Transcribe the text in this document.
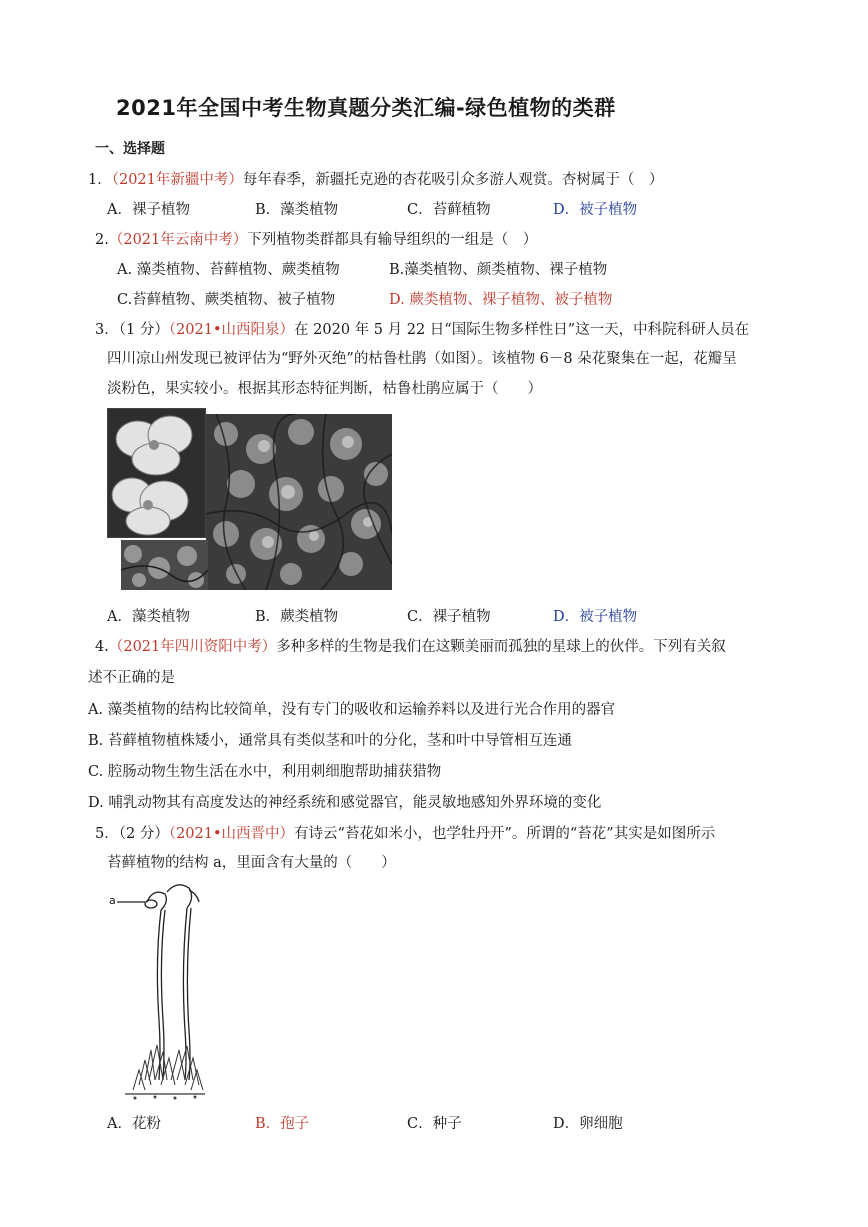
2021年全国中考生物真题分类汇编-绿色植物的类群
一、选择题
1．（2021年新疆中考）每年春季，新疆托克逊的杏花吸引众多游人观赏。杏树属于（　）
A．裸子植物	B．藻类植物	C．苔藓植物	D．被子植物
2.（2021年云南中考）下列植物类群都具有输导组织的一组是（　）
A. 藻类植物、苔藓植物、蕨类植物	B.藻类植物、颜类植物、裸子植物
C.苔藓植物、蕨类植物、被子植物	D. 蕨类植物、裸子植物、被子植物
3．（1 分）（2021•山西阳泉）在 2020 年 5 月 22 日“国际生物多样性日”这一天，中科院科研人员在
四川凉山州发现已被评估为“野外灭绝”的枯鲁杜鹃（如图）。该植物 6－8 朵花聚集在一起，花瓣呈
淡粉色，果实较小。根据其形态特征判断，枯鲁杜鹃应属于（　　）
A．藻类植物	B．蕨类植物	C．裸子植物	D．被子植物
4.（2021年四川资阳中考）多种多样的生物是我们在这颗美丽而孤独的星球上的伙伴。下列有关叙
述不正确的是
A. 藻类植物的结构比较简单，没有专门的吸收和运输养料以及进行光合作用的器官
B. 苔藓植物植株矮小，通常具有类似茎和叶的分化，茎和叶中导管相互连通
C. 腔肠动物生物生活在水中，利用刺细胞帮助捕获猎物
D. 哺乳动物其有高度发达的神经系统和感觉器官，能灵敏地感知外界环境的变化
5．（2 分）（2021•山西晋中）有诗云“苔花如米小，也学牡丹开”。所谓的“苔花”其实是如图所示
苔藓植物的结构 a，里面含有大量的（　　）
a
A．花粉	B．孢子	C．种子	D．卵细胞
